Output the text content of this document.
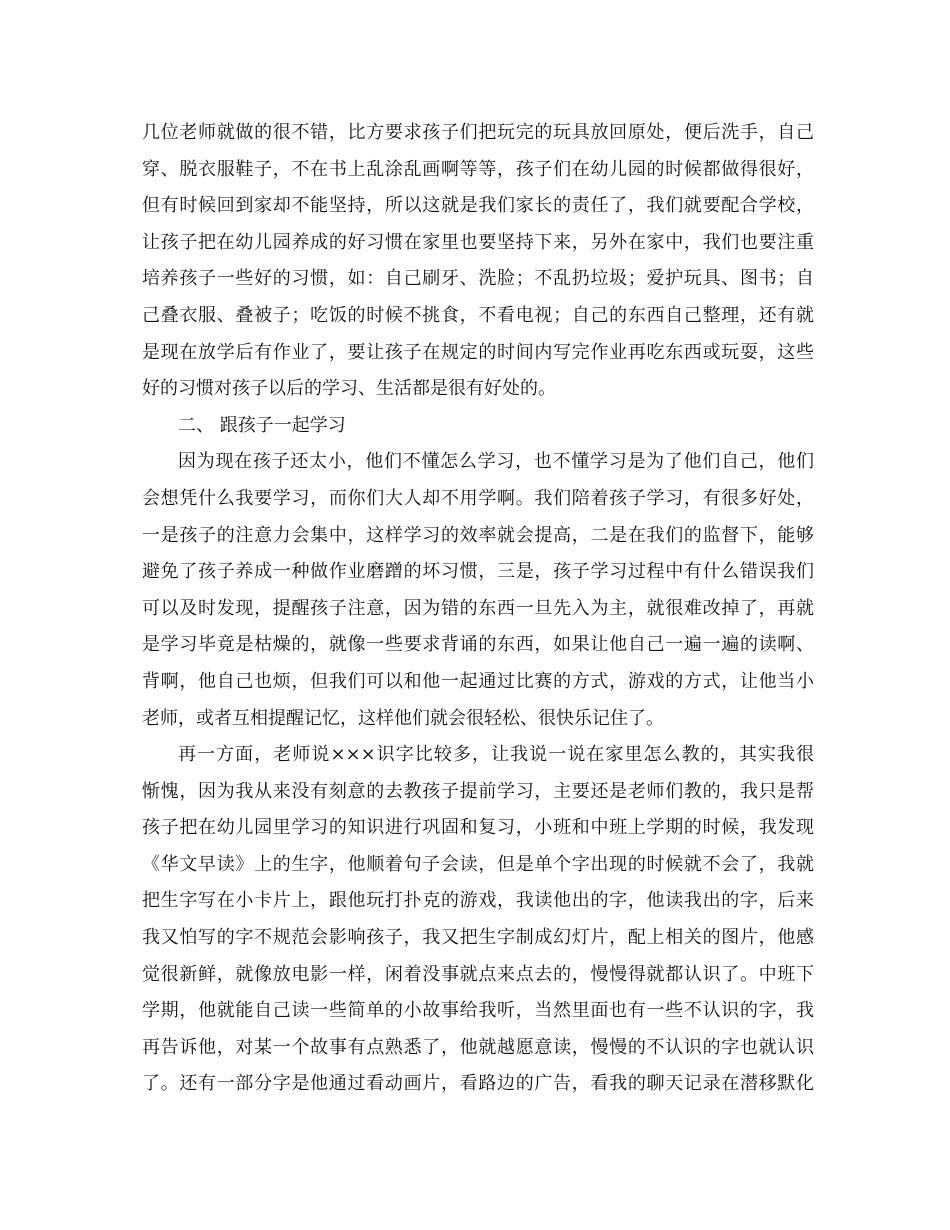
几位老师就做的很不错，比方要求孩子们把玩完的玩具放回原处，便后洗手，自己
穿、脱衣服鞋子，不在书上乱涂乱画啊等等，孩子们在幼儿园的时候都做得很好，
但有时候回到家却不能坚持，所以这就是我们家长的责任了，我们就要配合学校，
让孩子把在幼儿园养成的好习惯在家里也要坚持下来，另外在家中，我们也要注重
培养孩子一些好的习惯，如：自己刷牙、洗脸；不乱扔垃圾；爱护玩具、图书；自
己叠衣服、叠被子；吃饭的时候不挑食，不看电视；自己的东西自己整理，还有就
是现在放学后有作业了，要让孩子在规定的时间内写完作业再吃东西或玩耍，这些
好的习惯对孩子以后的学习、生活都是很有好处的。
二、 跟孩子一起学习
因为现在孩子还太小，他们不懂怎么学习，也不懂学习是为了他们自己，他们
会想凭什么我要学习，而你们大人却不用学啊。我们陪着孩子学习，有很多好处，
一是孩子的注意力会集中，这样学习的效率就会提高，二是在我们的监督下，能够
避免了孩子养成一种做作业磨蹭的坏习惯，三是，孩子学习过程中有什么错误我们
可以及时发现，提醒孩子注意，因为错的东西一旦先入为主，就很难改掉了，再就
是学习毕竟是枯燥的，就像一些要求背诵的东西，如果让他自己一遍一遍的读啊、
背啊，他自己也烦，但我们可以和他一起通过比赛的方式，游戏的方式，让他当小
老师，或者互相提醒记忆，这样他们就会很轻松、很快乐记住了。
再一方面，老师说×××识字比较多，让我说一说在家里怎么教的，其实我很
惭愧，因为我从来没有刻意的去教孩子提前学习，主要还是老师们教的，我只是帮
孩子把在幼儿园里学习的知识进行巩固和复习，小班和中班上学期的时候，我发现
《华文早读》上的生字，他顺着句子会读，但是单个字出现的时候就不会了，我就
把生字写在小卡片上，跟他玩打扑克的游戏，我读他出的字，他读我出的字，后来
我又怕写的字不规范会影响孩子，我又把生字制成幻灯片，配上相关的图片，他感
觉很新鲜，就像放电影一样，闲着没事就点来点去的，慢慢得就都认识了。中班下
学期，他就能自己读一些简单的小故事给我听，当然里面也有一些不认识的字，我
再告诉他，对某一个故事有点熟悉了，他就越愿意读，慢慢的不认识的字也就认识
了。还有一部分字是他通过看动画片，看路边的广告，看我的聊天记录在潜移默化
